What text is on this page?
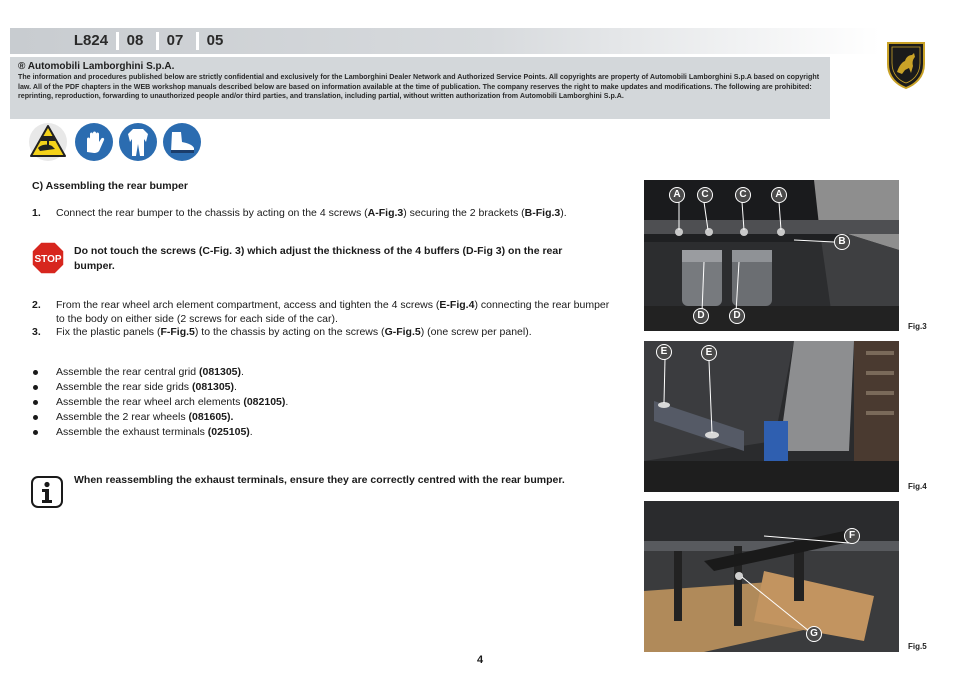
L824	08	07	05
® Automobili Lamborghini S.p.A.
The information and procedures published below are strictly confidential and exclusively for the Lamborghini Dealer Network and Authorized Service Points. All copyrights are property of Automobili Lamborghini S.p.A based on copyright law. All of the PDF chapters in the WEB workshop manuals described below are based on information available at the time of publication. The company reserves the right to make updates and modifications. The following are prohibited: reprinting, reproduction, forwarding to unauthorized people and/or third parties, and translation, including partial, without written authorization from Automobili Lamborghini S.p.A.
C) Assembling the rear bumper
1. Connect the rear bumper to the chassis by acting on the 4 screws (A-Fig.3) securing the 2 brackets (B-Fig.3).
STOP
Do not touch the screws (C-Fig. 3) which adjust the thickness of the 4 buffers (D-Fig 3) on the rear bumper.
2. From the rear wheel arch element compartment, access and tighten the 4 screws (E-Fig.4) connecting the rear bumper to the body on either side (2 screws for each side of the car).
3. Fix the plastic panels (F-Fig.5) to the chassis by acting on the screws (G-Fig.5) (one screw per panel).
Assemble the rear central grid (081305).
Assemble the rear side grids (081305).
Assemble the rear wheel arch elements (082105).
Assemble the 2 rear wheels (081605).
Assemble the exhaust terminals (025105).
When reassembling the exhaust terminals, ensure they are correctly centred with the rear bumper.
A	C	C	A
B
D	D
Fig.3
E	E
Fig.4
F
G
Fig.5
4
